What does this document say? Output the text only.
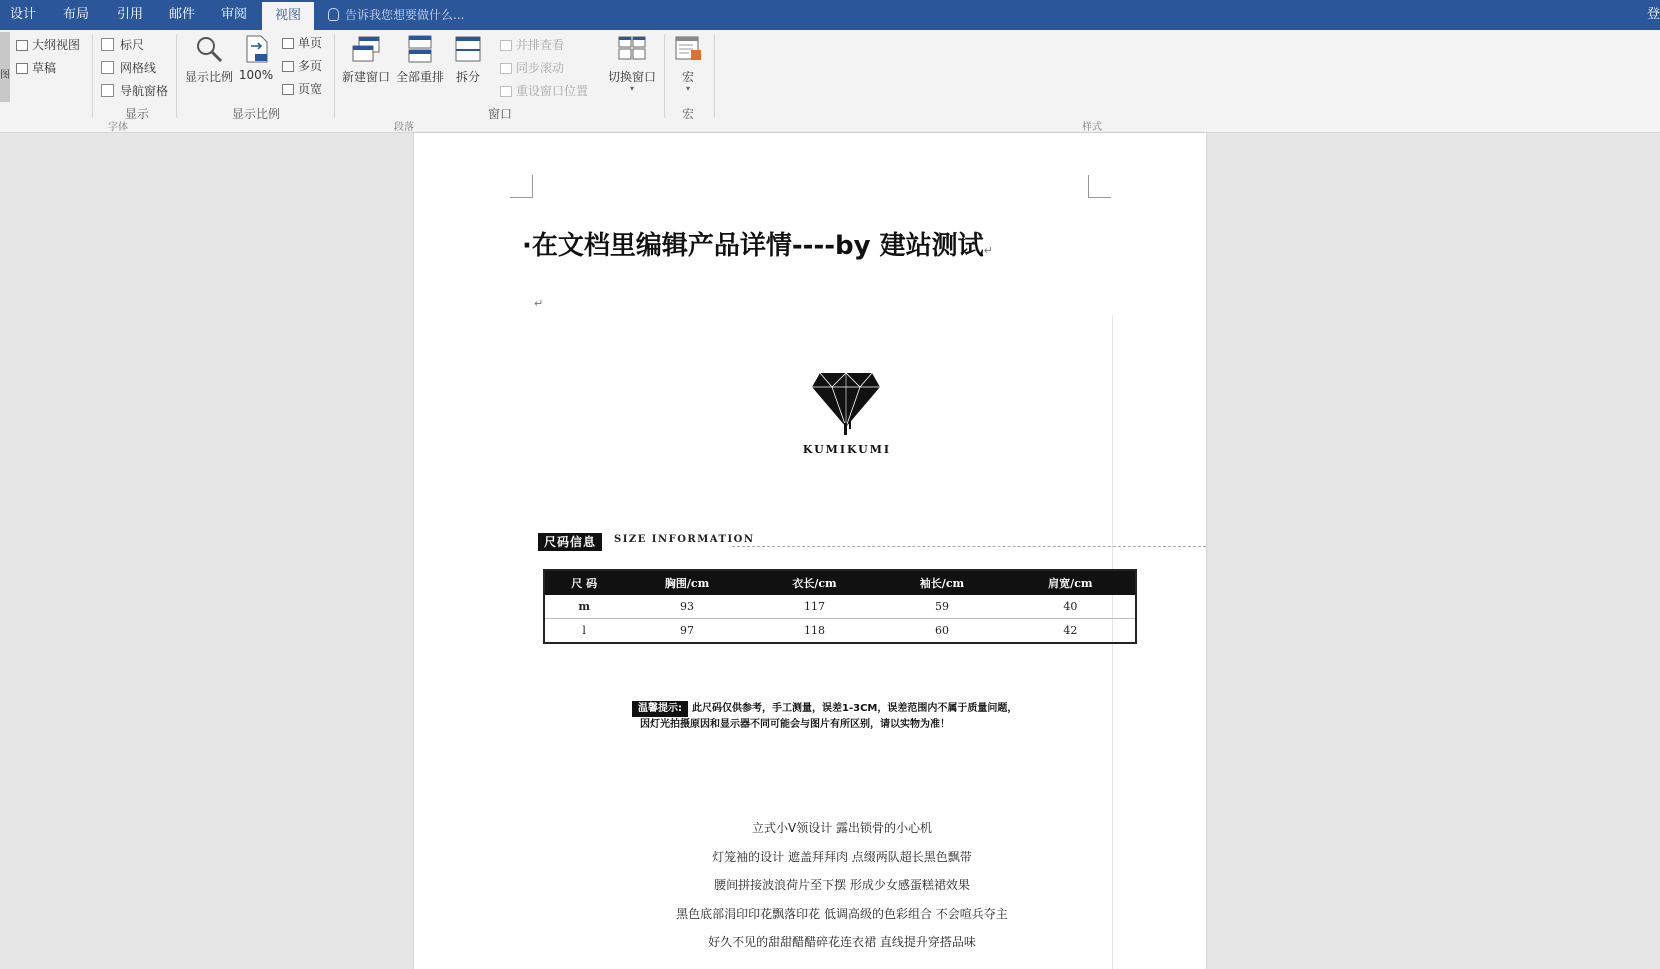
设计	布局	引用	邮件	审阅	视图	告诉我您想要做什么...	登
图
大纲视图
草稿
标尺
网格线
导航窗格
显示
显示比例 100%
单页
多页
页宽
显示比例
新建窗口 全部重排 拆分
并排查看
同步滚动
重设窗口位置
切换窗口
▾
窗口
宏
▾
宏
字体	段落	样式
·在文档里编辑产品详情----by 建站测试↵
↵
KUMIKUMI
尺码信息	SIZE INFORMATION
尺 码	胸围/cm	衣长/cm	袖长/cm	肩宽/cm
m	93	117	59	40
l	97	118	60	42
温馨提示: 此尺码仅供参考，手工测量，误差1-3CM，误差范围内不属于质量问题，
因灯光拍摄原因和显示器不同可能会与图片有所区别，请以实物为准！
立式小V领设计 露出锁骨的小心机
灯笼袖的设计 遮盖拜拜肉 点缀两队超长黑色飘带
腰间拼接波浪荷片至下摆 形成少女感蛋糕裙效果
黑色底部涓印印花飘落印花 低调高级的色彩组合 不会喧兵夺主
好久不见的甜甜醋醋碎花连衣裙 直线提升穿搭品味
